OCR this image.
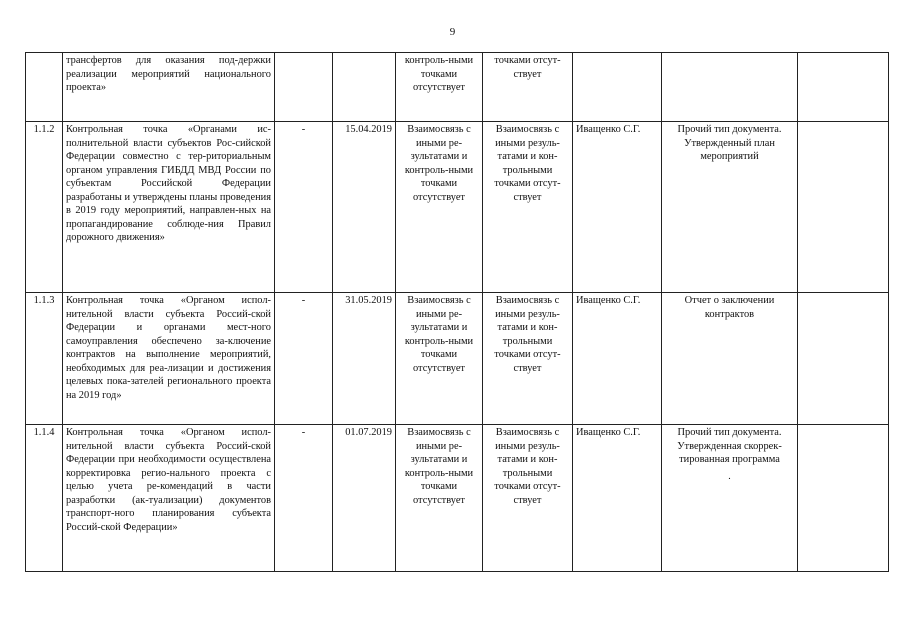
9
	трансфертов для оказания под-держки реализации мероприятий национального проекта»			контроль-ными точками отсутствует	точками отсут-ствует			
1.1.2	Контрольная точка «Органами ис-полнительной власти субъектов Рос-сийской Федерации совместно с тер-риториальным органом управления ГИБДД МВД России по субъектам Российской Федерации разработаны и утверждены планы проведения в 2019 году мероприятий, направлен-ных на пропагандирование соблюде-ния Правил дорожного движения»	-	15.04.2019	Взаимосвязь с иными ре-зультатами и контроль-ными точками отсутствует	Взаимосвязь с иными резуль-татами и кон-трольными точками отсут-ствует	Иващенко С.Г.	Прочий тип документа. Утвержденный план мероприятий	
1.1.3	Контрольная точка «Органом испол-нительной власти субъекта Россий-ской Федерации и органами мест-ного самоуправления обеспечено за-ключение контрактов на выполнение мероприятий, необходимых для реа-лизации и достижения целевых пока-зателей регионального проекта на 2019 год»	-	31.05.2019	Взаимосвязь с иными ре-зультатами и контроль-ными точками отсутствует	Взаимосвязь с иными резуль-татами и кон-трольными точками отсут-ствует	Иващенко С.Г.	Отчет о заключении контрактов	
1.1.4	Контрольная точка «Органом испол-нительной власти субъекта Россий-ской Федерации при необходимости осуществлена корректировка регио-нального проекта с целью учета ре-комендаций в части разработки (ак-туализации) документов транспорт-ного планирования субъекта Россий-ской Федерации»	-	01.07.2019	Взаимосвязь с иными ре-зультатами и контроль-ными точками отсутствует	Взаимосвязь с иными резуль-татами и кон-трольными точками отсут-ствует	Иващенко С.Г.	Прочий тип документа. Утвержденная скоррек-тированная программа
·	
